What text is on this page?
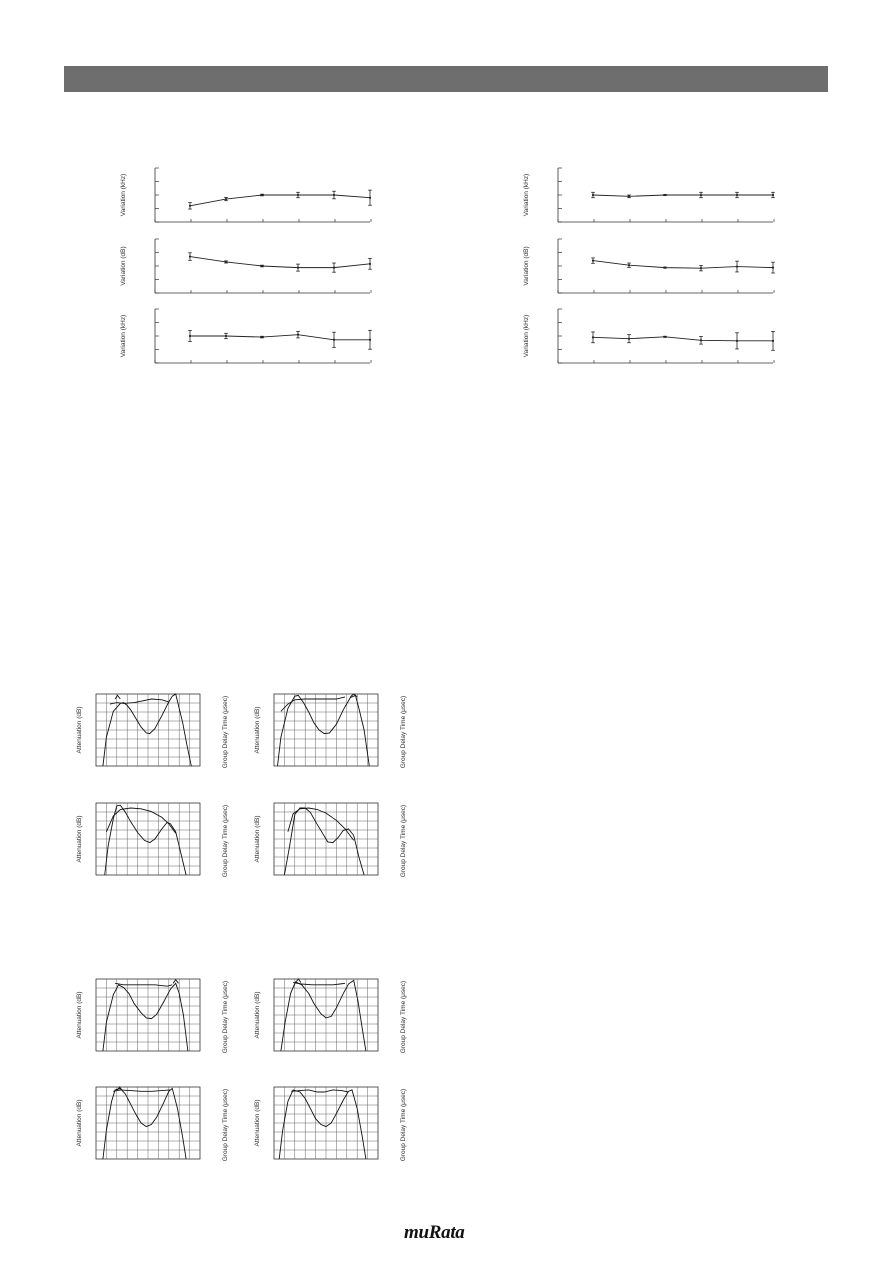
Variation (kHz)
Variation (dB)
Variation (kHz)
Variation (kHz)
Variation (dB)
Variation (kHz)
Attenuation (dB)	Group Delay Time (μsec)	Attenuation (dB)	Group Delay Time (μsec)
Attenuation (dB)	Group Delay Time (μsec)	Attenuation (dB)	Group Delay Time (μsec)
Attenuation (dB)	Group Delay Time (μsec)	Attenuation (dB)	Group Delay Time (μsec)
Attenuation (dB)	Group Delay Time (μsec)	Attenuation (dB)	Group Delay Time (μsec)
muRata
